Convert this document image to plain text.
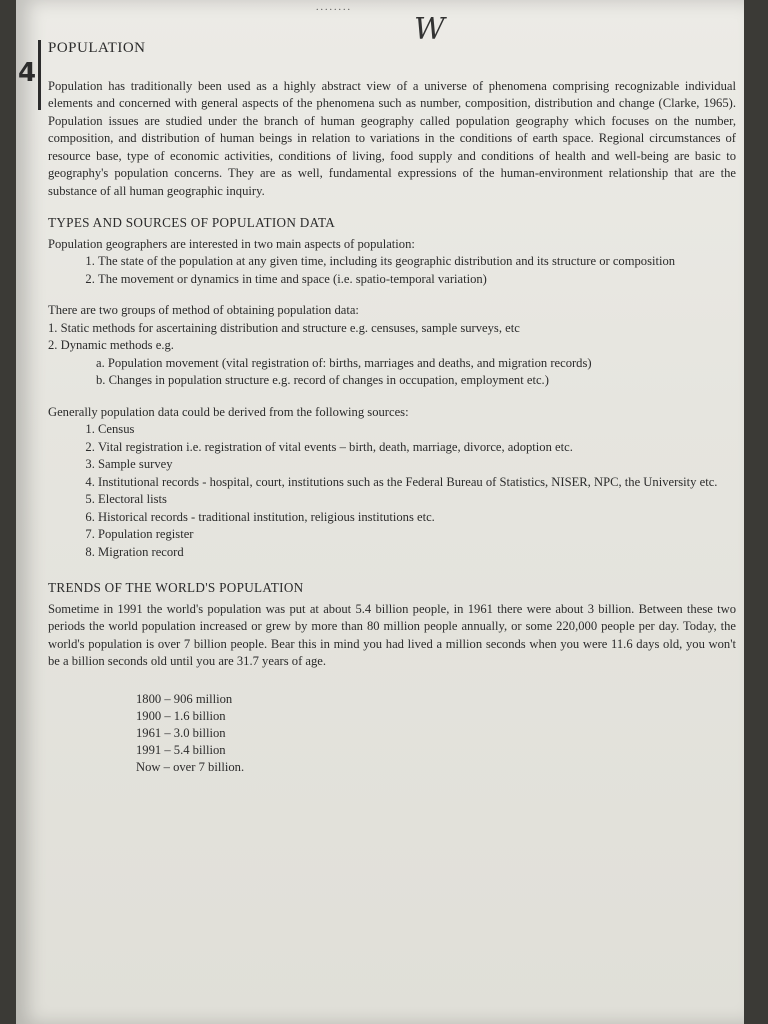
........
W
4
POPULATION

Population has traditionally been used as a highly abstract view of a universe of phenomena comprising recognizable individual elements and concerned with general aspects of the phenomena such as number, composition, distribution and change (Clarke, 1965). Population issues are studied under the branch of human geography called population geography which focuses on the number, composition, and distribution of human beings in relation to variations in the conditions of earth space. Regional circumstances of resource base, type of economic activities, conditions of living, food supply and conditions of health and well-being are basic to geography's population concerns. They are as well, fundamental expressions of the human-environment relationship that are the substance of all human geographic inquiry.

TYPES AND SOURCES OF POPULATION DATA

Population geographers are interested in two main aspects of population:

1. The state of the population at any given time, including its geographic distribution and its structure or composition
2. The movement or dynamics in time and space (i.e. spatio-temporal variation)

There are two groups of method of obtaining population data:

1. Static methods for ascertaining distribution and structure e.g. censuses, sample surveys, etc

2. Dynamic methods e.g.

a. Population movement (vital registration of: births, marriages and deaths, and migration records)
b. Changes in population structure e.g. record of changes in occupation, employment etc.)

Generally population data could be derived from the following sources:

1. Census
2. Vital registration i.e. registration of vital events – birth, death, marriage, divorce, adoption etc.
3. Sample survey
4. Institutional records - hospital, court, institutions such as the Federal Bureau of Statistics, NISER, NPC, the University etc.
5. Electoral lists
6. Historical records - traditional institution, religious institutions etc.
7. Population register
8. Migration record
TRENDS OF THE WORLD'S POPULATION

Sometime in 1991 the world's population was put at about 5.4 billion people, in 1961 there were about 3 billion. Between these two periods the world population increased or grew by more than 80 million people annually, or some 220,000 people per day. Today, the world's population is over 7 billion people. Bear this in mind you had lived a million seconds when you were 11.6 days old, you won't be a billion seconds old until you are 31.7 years of age.

1800 – 906 million
1900 – 1.6 billion
1961 – 3.0 billion
1991 – 5.4 billion
Now – over 7 billion.
